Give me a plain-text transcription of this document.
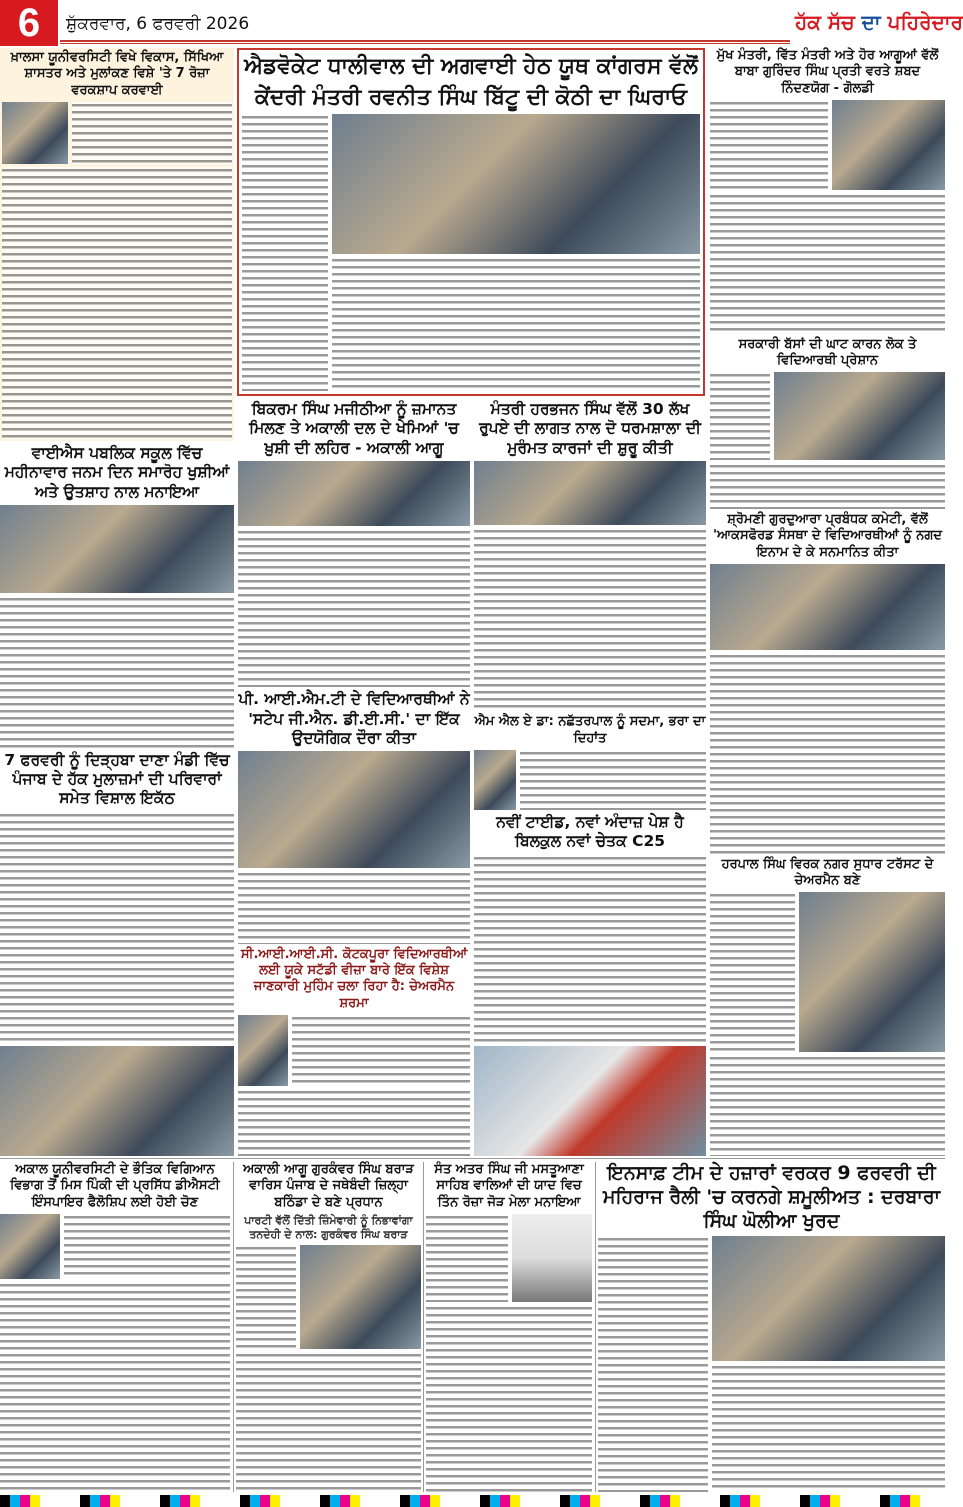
6	ਸ਼ੁੱਕਰਵਾਰ, 6 ਫਰਵਰੀ 2026	ਹੱਕ ਸੱਚ ਦਾ ਪਹਿਰੇਦਾਰ
ਖ਼ਾਲਸਾ ਯੂਨੀਵਰਸਿਟੀ ਵਿਖੇ ਵਿਕਾਸ, ਸਿੱਖਿਆ ਸ਼ਾਸਤਰ ਅਤੇ ਮੁਲਾਂਕਣ ਵਿਸ਼ੇ 'ਤੇ 7 ਰੋਜ਼ਾ ਵਰਕਸ਼ਾਪ ਕਰਵਾਈ
ਵਾਈਐਸ ਪਬਲਿਕ ਸਕੂਲ ਵਿੱਚ ਮਹੀਨਾਵਾਰ ਜਨਮ ਦਿਨ ਸਮਾਰੋਹ ਖੁਸ਼ੀਆਂ ਅਤੇ ਉਤਸ਼ਾਹ ਨਾਲ ਮਨਾਇਆ
7 ਫਰਵਰੀ ਨੂੰ ਦਿੜ੍ਹਬਾ ਦਾਣਾ ਮੰਡੀ ਵਿੱਚ ਪੰਜਾਬ ਦੇ ਹੱਕ ਮੁਲਾਜ਼ਮਾਂ ਦੀ ਪਰਿਵਾਰਾਂ ਸਮੇਤ ਵਿਸ਼ਾਲ ਇਕੱਠ
ਐਡਵੋਕੇਟ ਧਾਲੀਵਾਲ ਦੀ ਅਗਵਾਈ ਹੇਠ ਯੂਥ ਕਾਂਗਰਸ ਵੱਲੋਂ
ਕੇਂਦਰੀ ਮੰਤਰੀ ਰਵਨੀਤ ਸਿੰਘ ਬਿੱਟੂ ਦੀ ਕੋਠੀ ਦਾ ਘਿਰਾਓ
ਮੁੱਖ ਮੰਤਰੀ, ਵਿੱਤ ਮੰਤਰੀ ਅਤੇ ਹੋਰ ਆਗੂਆਂ ਵੱਲੋਂ ਬਾਬਾ ਗੁਰਿੰਦਰ ਸਿੰਘ ਪ੍ਰਤੀ ਵਰਤੇ ਸ਼ਬਦ ਨਿੰਦਣਯੋਗ - ਗੋਲਡੀ
ਸਰਕਾਰੀ ਬੱਸਾਂ ਦੀ ਘਾਟ ਕਾਰਨ ਲੋਕ ਤੇ ਵਿਦਿਆਰਥੀ ਪ੍ਰੇਸ਼ਾਨ
ਸ਼੍ਰੋਮਣੀ ਗੁਰਦੁਆਰਾ ਪ੍ਰਬੰਧਕ ਕਮੇਟੀ, ਵੱਲੋਂ 'ਆਕਸਫੋਰਡ ਸੰਸਥਾ ਦੇ ਵਿਦਿਆਰਥੀਆਂ ਨੂੰ ਨਗਦ ਇਨਾਮ ਦੇ ਕੇ ਸਨਮਾਨਿਤ ਕੀਤਾ
ਹਰਪਾਲ ਸਿੰਘ ਵਿਰਕ ਨਗਰ ਸੁਧਾਰ ਟਰੱਸਟ ਦੇ ਚੇਅਰਮੈਨ ਬਣੇ
ਬਿਕਰਮ ਸਿੰਘ ਮਜੀਠੀਆ ਨੂੰ ਜ਼ਮਾਨਤ ਮਿਲਣ ਤੇ ਅਕਾਲੀ ਦਲ ਦੇ ਖੇਮਿਆਂ 'ਚ ਖ਼ੁਸ਼ੀ ਦੀ ਲਹਿਰ - ਅਕਾਲੀ ਆਗੂ
ਪੀ. ਆਈ.ਐਮ.ਟੀ ਦੇ ਵਿਦਿਆਰਥੀਆਂ ਨੇ 'ਸਟੇਪ ਜੀ.ਐਨ. ਡੀ.ਈ.ਸੀ.' ਦਾ ਇੱਕ ਉਦਯੋਗਿਕ ਦੌਰਾ ਕੀਤਾ
ਸੀ.ਆਈ.ਆਈ.ਸੀ. ਕੋਟਕਪੂਰਾ ਵਿਦਿਆਰਥੀਆਂ ਲਈ ਯੂਕੇ ਸਟੱਡੀ ਵੀਜ਼ਾ ਬਾਰੇ ਇੱਕ ਵਿਸ਼ੇਸ਼ ਜਾਣਕਾਰੀ ਮੁਹਿੰਮ ਚਲਾ ਰਿਹਾ ਹੈ: ਚੇਅਰਮੈਨ ਸ਼ਰਮਾ
ਮੰਤਰੀ ਹਰਭਜਨ ਸਿੰਘ ਵੱਲੋਂ 30 ਲੱਖ ਰੁਪਏ ਦੀ ਲਾਗਤ ਨਾਲ ਦੋ ਧਰਮਸ਼ਾਲਾ ਦੀ ਮੁਰੰਮਤ ਕਾਰਜਾਂ ਦੀ ਸ਼ੁਰੂ ਕੀਤੀ
ਐਮ ਐਲ ਏ ਡਾ: ਨਛੱਤਰਪਾਲ ਨੂੰ ਸਦਮਾ, ਭਰਾ ਦਾ ਦਿਹਾਂਤ
ਨਵੀਂ ਟਾਈਡ, ਨਵਾਂ ਅੰਦਾਜ਼ ਪੇਸ਼ ਹੈ ਬਿਲਕੁਲ ਨਵਾਂ ਚੇਤਕ C25
ਅਕਾਲ ਯੂਨੀਵਰਸਿਟੀ ਦੇ ਭੌਤਿਕ ਵਿਗਿਆਨ ਵਿਭਾਗ ਤੋਂ ਮਿਸ ਪਿੰਕੀ ਦੀ ਪ੍ਰਸਿੱਧ ਡੀਐਸਟੀ ਇੰਸਪਾਇਰ ਫੈਲੋਸ਼ਿਪ ਲਈ ਹੋਈ ਚੋਣ
ਅਕਾਲੀ ਆਗੂ ਗੁਰਕੰਵਰ ਸਿੰਘ ਬਰਾੜ ਵਾਰਿਸ ਪੰਜਾਬ ਦੇ ਜਥੇਬੰਦੀ ਜ਼ਿਲ੍ਹਾ ਬਠਿੰਡਾ ਦੇ ਬਣੇ ਪ੍ਰਧਾਨ
ਪਾਰਟੀ ਵੱਲੋਂ ਦਿੱਤੀ ਜ਼ਿੰਮੇਵਾਰੀ ਨੂੰ ਨਿਭਾਵਾਂਗਾ ਤਨਦੇਹੀ ਦੇ ਨਾਲ: ਗੁਰਕੰਵਰ ਸਿੰਘ ਬਰਾੜ
ਸੰਤ ਅਤਰ ਸਿੰਘ ਜੀ ਮਸਤੂਆਣਾ ਸਾਹਿਬ ਵਾਲਿਆਂ ਦੀ ਯਾਦ ਵਿਚ ਤਿੰਨ ਰੋਜ਼ਾ ਜੋੜ ਮੇਲਾ ਮਨਾਇਆ
ਇਨਸਾਫ਼ ਟੀਮ ਦੇ ਹਜ਼ਾਰਾਂ ਵਰਕਰ 9 ਫਰਵਰੀ ਦੀ ਮਹਿਰਾਜ ਰੈਲੀ 'ਚ ਕਰਨਗੇ ਸ਼ਮੂਲੀਅਤ : ਦਰਬਾਰਾ ਸਿੰਘ ਘੋਲੀਆ ਖੁਰਦ
